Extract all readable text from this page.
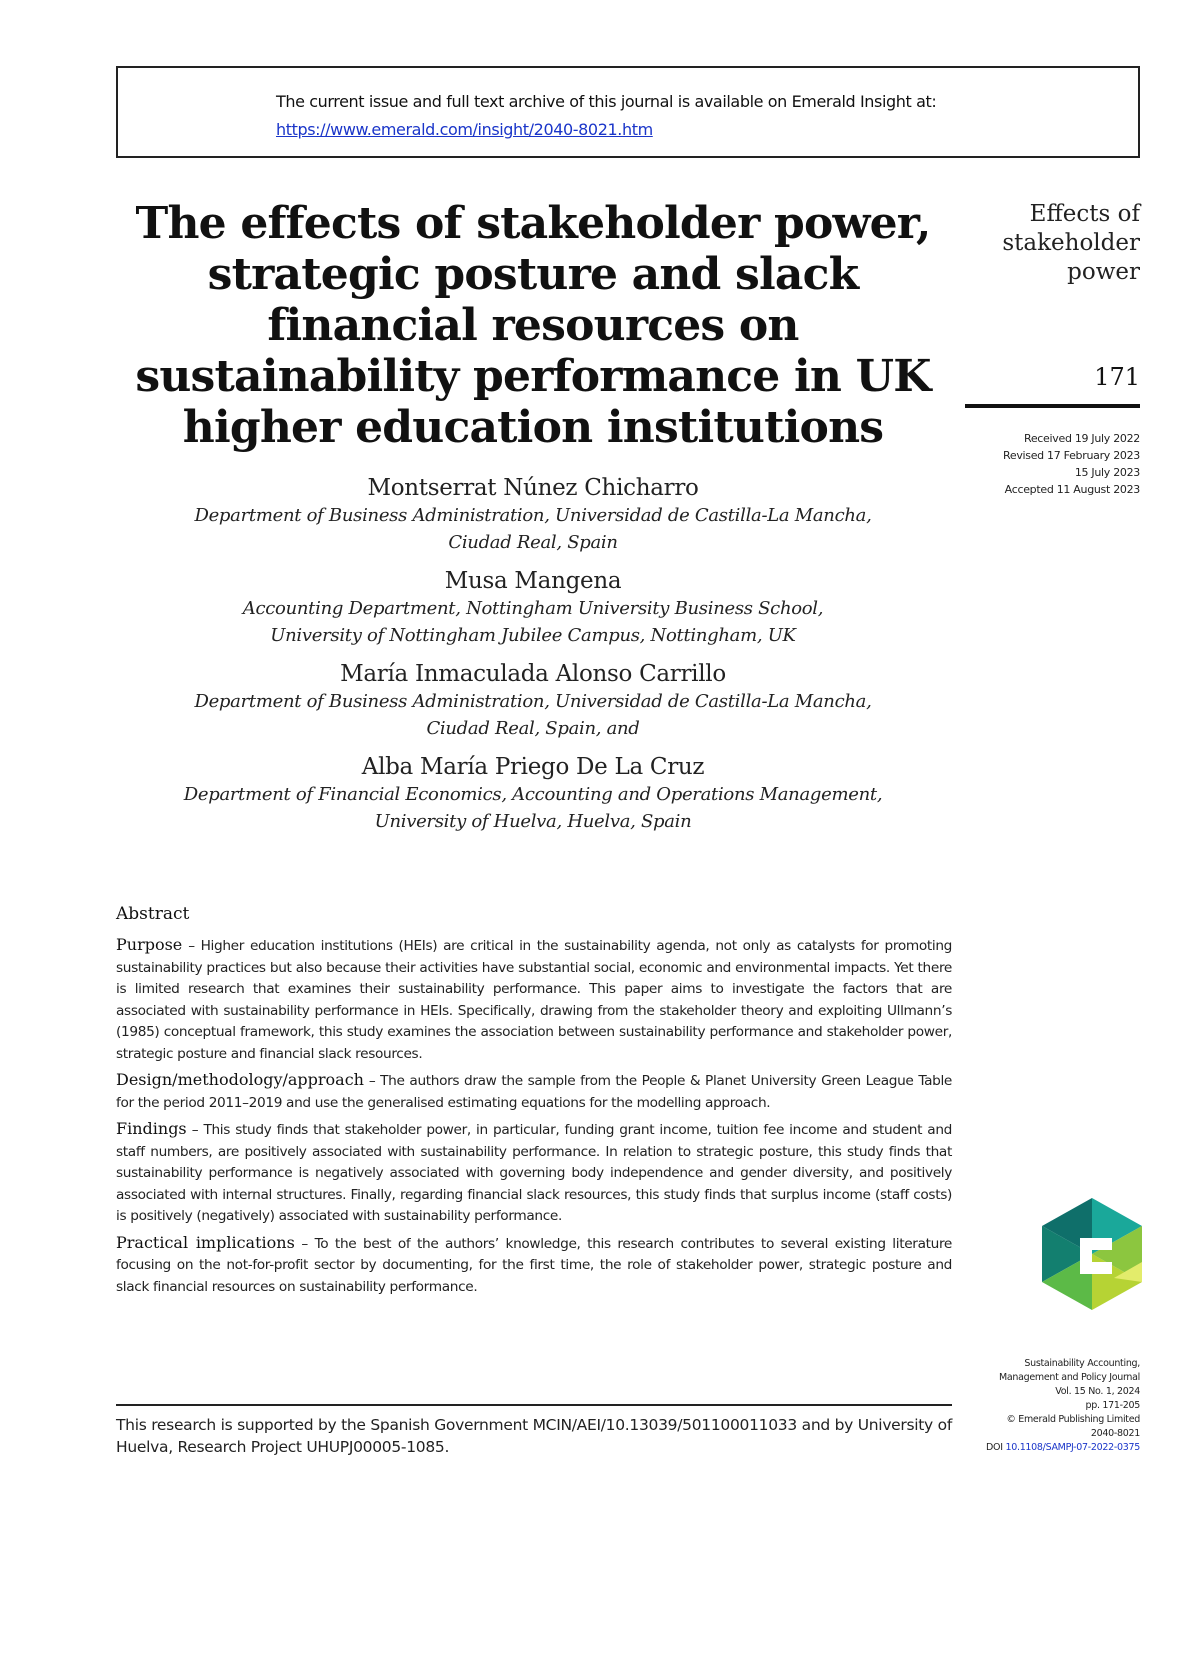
The current issue and full text archive of this journal is available on Emerald Insight at:
https://www.emerald.com/insight/2040-8021.htm
The effects of stakeholder power,
strategic posture and slack
financial resources on
sustainability performance in UK
higher education institutions
Effects of
stakeholder
power
171
Received 19 July 2022
Revised 17 February 2023
15 July 2023
Accepted 11 August 2023
Montserrat Núnez Chicharro
Department of Business Administration, Universidad de Castilla-La Mancha,
Ciudad Real, Spain
Musa Mangena
Accounting Department, Nottingham University Business School,
University of Nottingham Jubilee Campus, Nottingham, UK
María Inmaculada Alonso Carrillo
Department of Business Administration, Universidad de Castilla-La Mancha,
Ciudad Real, Spain, and
Alba María Priego De La Cruz
Department of Financial Economics, Accounting and Operations Management,
University of Huelva, Huelva, Spain
Abstract
Purpose – Higher education institutions (HEIs) are critical in the sustainability agenda, not only as catalysts for promoting sustainability practices but also because their activities have substantial social, economic and environmental impacts. Yet there is limited research that examines their sustainability performance. This paper aims to investigate the factors that are associated with sustainability performance in HEIs. Specifically, drawing from the stakeholder theory and exploiting Ullmann’s (1985) conceptual framework, this study examines the association between sustainability performance and stakeholder power, strategic posture and financial slack resources.
Design/methodology/approach – The authors draw the sample from the People & Planet University Green League Table for the period 2011–2019 and use the generalised estimating equations for the modelling approach.
Findings – This study finds that stakeholder power, in particular, funding grant income, tuition fee income and student and staff numbers, are positively associated with sustainability performance. In relation to strategic posture, this study finds that sustainability performance is negatively associated with governing body independence and gender diversity, and positively associated with internal structures. Finally, regarding financial slack resources, this study finds that surplus income (staff costs) is positively (negatively) associated with sustainability performance.
Practical implications – To the best of the authors’ knowledge, this research contributes to several existing literature focusing on the not-for-profit sector by documenting, for the first time, the role of stakeholder power, strategic posture and slack financial resources on sustainability performance.
This research is supported by the Spanish Government MCIN/AEI/10.13039/501100011033 and by University of Huelva, Research Project UHUPJ00005-1085.
Sustainability Accounting,
Management and Policy Journal
Vol. 15 No. 1, 2024
pp. 171-205
© Emerald Publishing Limited
2040-8021
DOI 10.1108/SAMPJ-07-2022-0375
